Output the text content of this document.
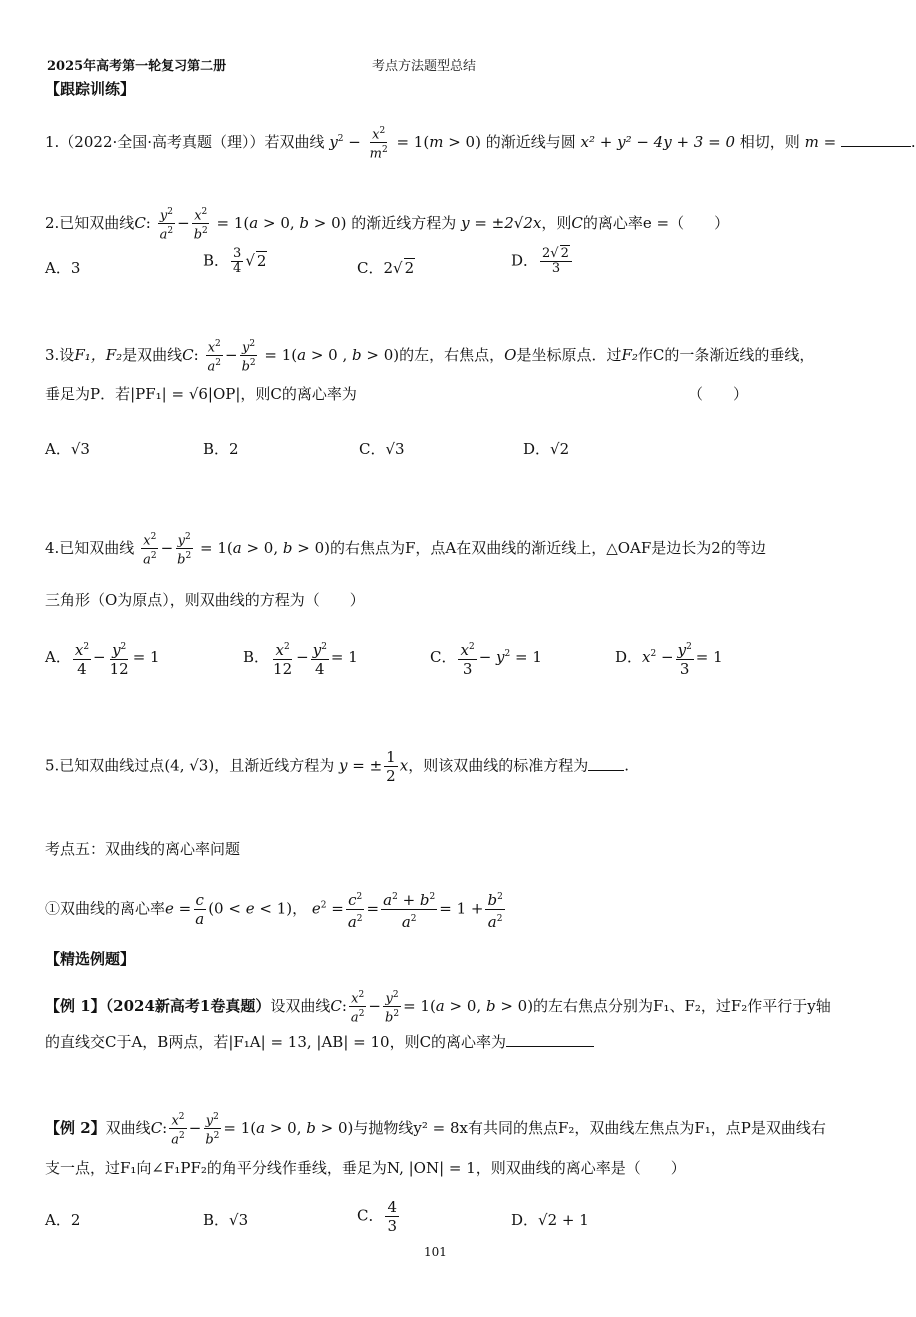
2025年高考第一轮复习第二册	考点方法题型总结
【跟踪训练】
1.（2022·全国·高考真题（理））若双曲线 $y^2 - \frac{x^2}{m^2} = 1(m > 0)$ 的渐近线与圆 x² + y² − 4y + 3 = 0 相切，则 m =	.
2.已知双曲线C: $\frac{y^2}{a^2} - \frac{x^2}{b^2} = 1(a > 0$, b > 0) 的渐近线方程为 y = ±2√2x，则C的离心率e =（　　）
A．3	B． $\frac{3}{4}$ √ 2	C．2√ 2	D． $\frac{2√ 2}{3}$
3.设F₁，F₂是双曲线C: $\frac{x^2}{a^2} - \frac{y^2}{b^2} = 1(a > 0$ , b > 0)的左，右焦点，O是坐标原点．过F₂作C的一条渐近线的垂线，
垂足为P．若|PF₁| = √6|OP|，则C的离心率为	（　　）
A．√3	B．2	C．√3	D．√2
4.已知双曲线 $\frac{x^2}{a^2} - \frac{y^2}{b^2} = 1(a > 0$, b > 0)的右焦点为F，点A在双曲线的渐近线上，△OAF是边长为2的等边
三角形（O为原点），则双曲线的方程为（　　）
A． $\frac{x^2}{4} - \frac{y^2}{12} = 1$	B． $\frac{x^2}{12} - \frac{y^2}{4} = 1$	C． $\frac{x^2}{3} - y^2 = 1$	D．$x^2 - \frac{y^2}{3} = 1$
5.已知双曲线过点(4, √3)，且渐近线方程为 y = ± $\frac{1}{2}$ x，则该双曲线的标准方程为 .
考点五：双曲线的离心率问题
①双曲线的离心率$e = \frac{c}{a} (0 < e < 1)$， $e^2 = \frac{c^2}{a^2} = \frac{a^2 + b^2}{a^2} = 1 + \frac{b^2}{a^2}$
【精选例题】
【例 1】（2024新高考1卷真题）设双曲线C: $\frac{x^2}{a^2} - \frac{y^2}{b^2} = 1(a > 0$, b > 0)的左右焦点分别为F₁、F₂，过F₂作平行于y轴
的直线交C于A，B两点，若|F₁A| = 13, |AB| = 10，则C的离心率为
【例 2】双曲线C: $\frac{x^2}{a^2} - \frac{y^2}{b^2} = 1(a > 0$, b > 0)与抛物线y² = 8x有共同的焦点F₂，双曲线左焦点为F₁，点P是双曲线右
支一点，过F₁向∠F₁PF₂的角平分线作垂线，垂足为N, |ON| = 1，则双曲线的离心率是（　　）
A．2	B．√3	C． $\frac{4}{3}$	D．√2 + 1
101
